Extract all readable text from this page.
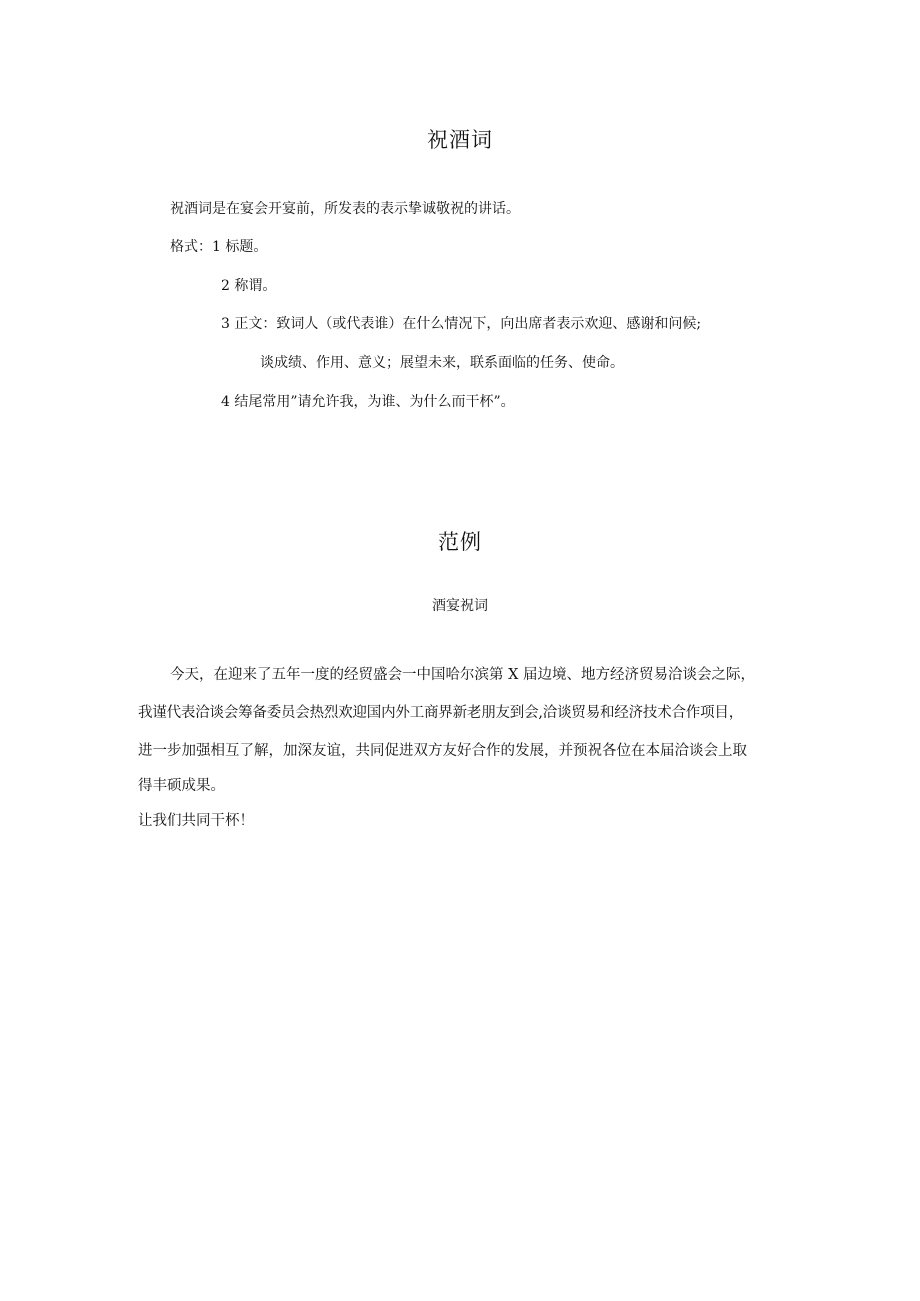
祝酒词
祝酒词是在宴会开宴前，所发表的表示挚诚敬祝的讲话。
格式：1 标题。
2 称谓。
3 正文：致词人（或代表谁）在什么情况下，向出席者表示欢迎、感谢和问候;
谈成绩、作用、意义；展望未来，联系面临的任务、使命。
4 结尾常用”请允许我，为谁、为什么而干杯”。
范例
酒宴祝词
今天，在迎来了五年一度的经贸盛会一中国哈尔滨第 X 届边境、地方经济贸易洽谈会之际，
我谨代表洽谈会筹备委员会热烈欢迎国内外工商界新老朋友到会,洽谈贸易和经济技术合作项目，
进一步加强相互了解，加深友谊，共同促进双方友好合作的发展，并预祝各位在本届洽谈会上取
得丰硕成果。
让我们共同干杯！
